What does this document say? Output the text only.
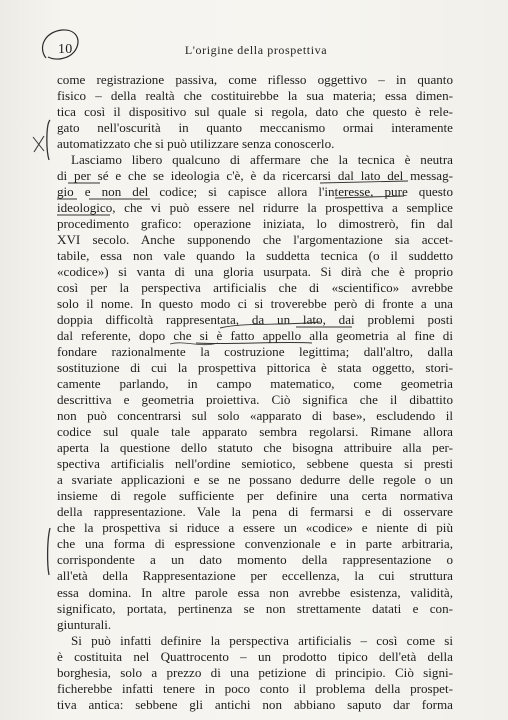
10	L'origine della prospettiva
come registrazione passiva, come riflesso oggettivo – in quanto
fisico – della realtà che costituirebbe la sua materia; essa dimen-
tica così il dispositivo sul quale si regola, dato che questo è rele-
gato nell'oscurità in quanto meccanismo ormai interamente
automatizzato che si può utilizzare senza conoscerlo.
Lasciamo libero qualcuno di affermare che la tecnica è neutra
di per sé e che se ideologia c'è, è da ricercarsi dal lato del messag-
gio e non del codice; si capisce allora l'interesse, pure questo
ideologico, che vi può essere nel ridurre la prospettiva a semplice
procedimento grafico: operazione iniziata, lo dimostrerò, fin dal
XVI secolo. Anche supponendo che l'argomentazione sia accet-
tabile, essa non vale quando la suddetta tecnica (o il suddetto
«codice») si vanta di una gloria usurpata. Si dirà che è proprio
così per la perspectiva artificialis che di «scientifico» avrebbe
solo il nome. In questo modo ci si troverebbe però di fronte a una
doppia difficoltà rappresentata, da un lato, dai problemi posti
dal referente, dopo che si è fatto appello alla geometria al fine di
fondare razionalmente la costruzione legittima; dall'altro, dalla
sostituzione di cui la prospettiva pittorica è stata oggetto, stori-
camente parlando, in campo matematico, come geometria
descrittiva e geometria proiettiva. Ciò significa che il dibattito
non può concentrarsi sul solo «apparato di base», escludendo il
codice sul quale tale apparato sembra regolarsi. Rimane allora
aperta la questione dello statuto che bisogna attribuire alla per-
spectiva artificialis nell'ordine semiotico, sebbene questa si presti
a svariate applicazioni e se ne possano dedurre delle regole o un
insieme di regole sufficiente per definire una certa normativa
della rappresentazione. Vale la pena di fermarsi e di osservare
che la prospettiva si riduce a essere un «codice» e niente di più
che una forma di espressione convenzionale e in parte arbitraria,
corrispondente a un dato momento della rappresentazione o
all'età della Rappresentazione per eccellenza, la cui struttura
essa domina. In altre parole essa non avrebbe esistenza, validità,
significato, portata, pertinenza se non strettamente datati e con-
giunturali.
Si può infatti definire la perspectiva artificialis – così come si
è costituita nel Quattrocento – un prodotto tipico dell'età della
borghesia, solo a prezzo di una petizione di principio. Ciò signi-
ficherebbe infatti tenere in poco conto il problema della prospet-
tiva antica: sebbene gli antichi non abbiano saputo dar forma
